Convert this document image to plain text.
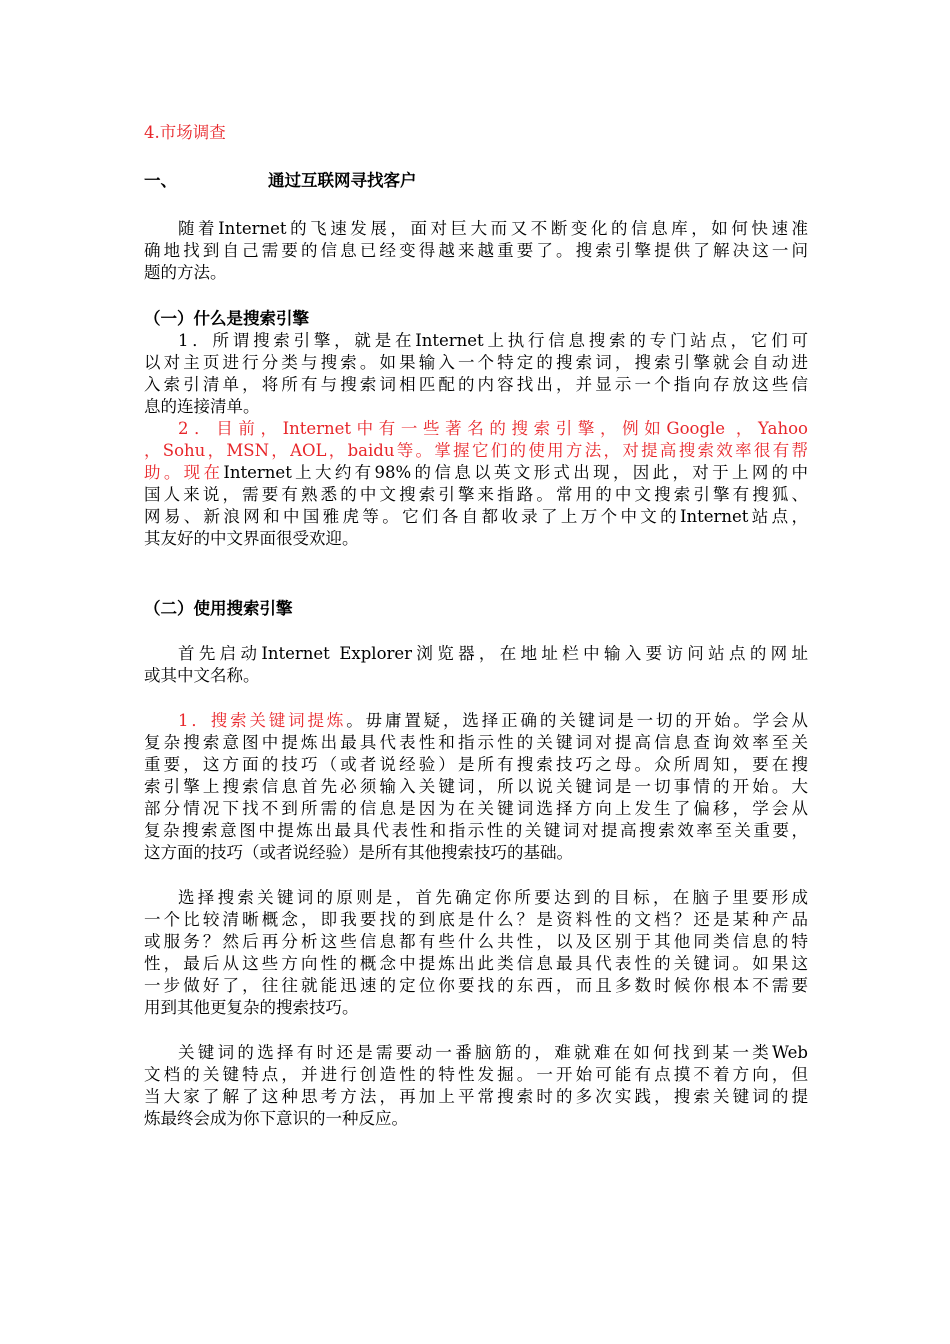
4.市场调查
一、	通过互联网寻找客户
随着Internet的飞速发展，面对巨大而又不断变化的信息库，如何快速准
确地找到自己需要的信息已经变得越来越重要了。搜索引擎提供了解决这一问
题的方法。
（一）什么是搜索引擎
1．所谓搜索引擎，就是在Internet上执行信息搜索的专门站点，它们可
以对主页进行分类与搜索。如果输入一个特定的搜索词，搜索引擎就会自动进
入索引清单，将所有与搜索词相匹配的内容找出，并显示一个指向存放这些信
息的连接清单。
2．目前，Internet中有一些著名的搜索引擎，例如Google ，Yahoo
，Sohu，MSN，AOL，baidu等。掌握它们的使用方法，对提高搜索效率很有帮
助。现在Internet上大约有98%的信息以英文形式出现，因此，对于上网的中
国人来说，需要有熟悉的中文搜索引擎来指路。常用的中文搜索引擎有搜狐、
网易、新浪网和中国雅虎等。它们各自都收录了上万个中文的Internet站点，
其友好的中文界面很受欢迎。
（二）使用搜索引擎
首先启动Internet Explorer浏览器，在地址栏中输入要访问站点的网址
或其中文名称。
1．搜索关键词提炼。毋庸置疑，选择正确的关键词是一切的开始。学会从
复杂搜索意图中提炼出最具代表性和指示性的关键词对提高信息查询效率至关
重要，这方面的技巧（或者说经验）是所有搜索技巧之母。众所周知，要在搜
索引擎上搜索信息首先必须输入关键词，所以说关键词是一切事情的开始。大
部分情况下找不到所需的信息是因为在关键词选择方向上发生了偏移，学会从
复杂搜索意图中提炼出最具代表性和指示性的关键词对提高搜索效率至关重要，
这方面的技巧（或者说经验）是所有其他搜索技巧的基础。
选择搜索关键词的原则是，首先确定你所要达到的目标，在脑子里要形成
一个比较清晰概念，即我要找的到底是什么？是资料性的文档？还是某种产品
或服务？然后再分析这些信息都有些什么共性，以及区别于其他同类信息的特
性，最后从这些方向性的概念中提炼出此类信息最具代表性的关键词。如果这
一步做好了，往往就能迅速的定位你要找的东西，而且多数时候你根本不需要
用到其他更复杂的搜索技巧。
关键词的选择有时还是需要动一番脑筋的，难就难在如何找到某一类Web
文档的关键特点，并进行创造性的特性发掘。一开始可能有点摸不着方向，但
当大家了解了这种思考方法，再加上平常搜索时的多次实践，搜索关键词的提
炼最终会成为你下意识的一种反应。
